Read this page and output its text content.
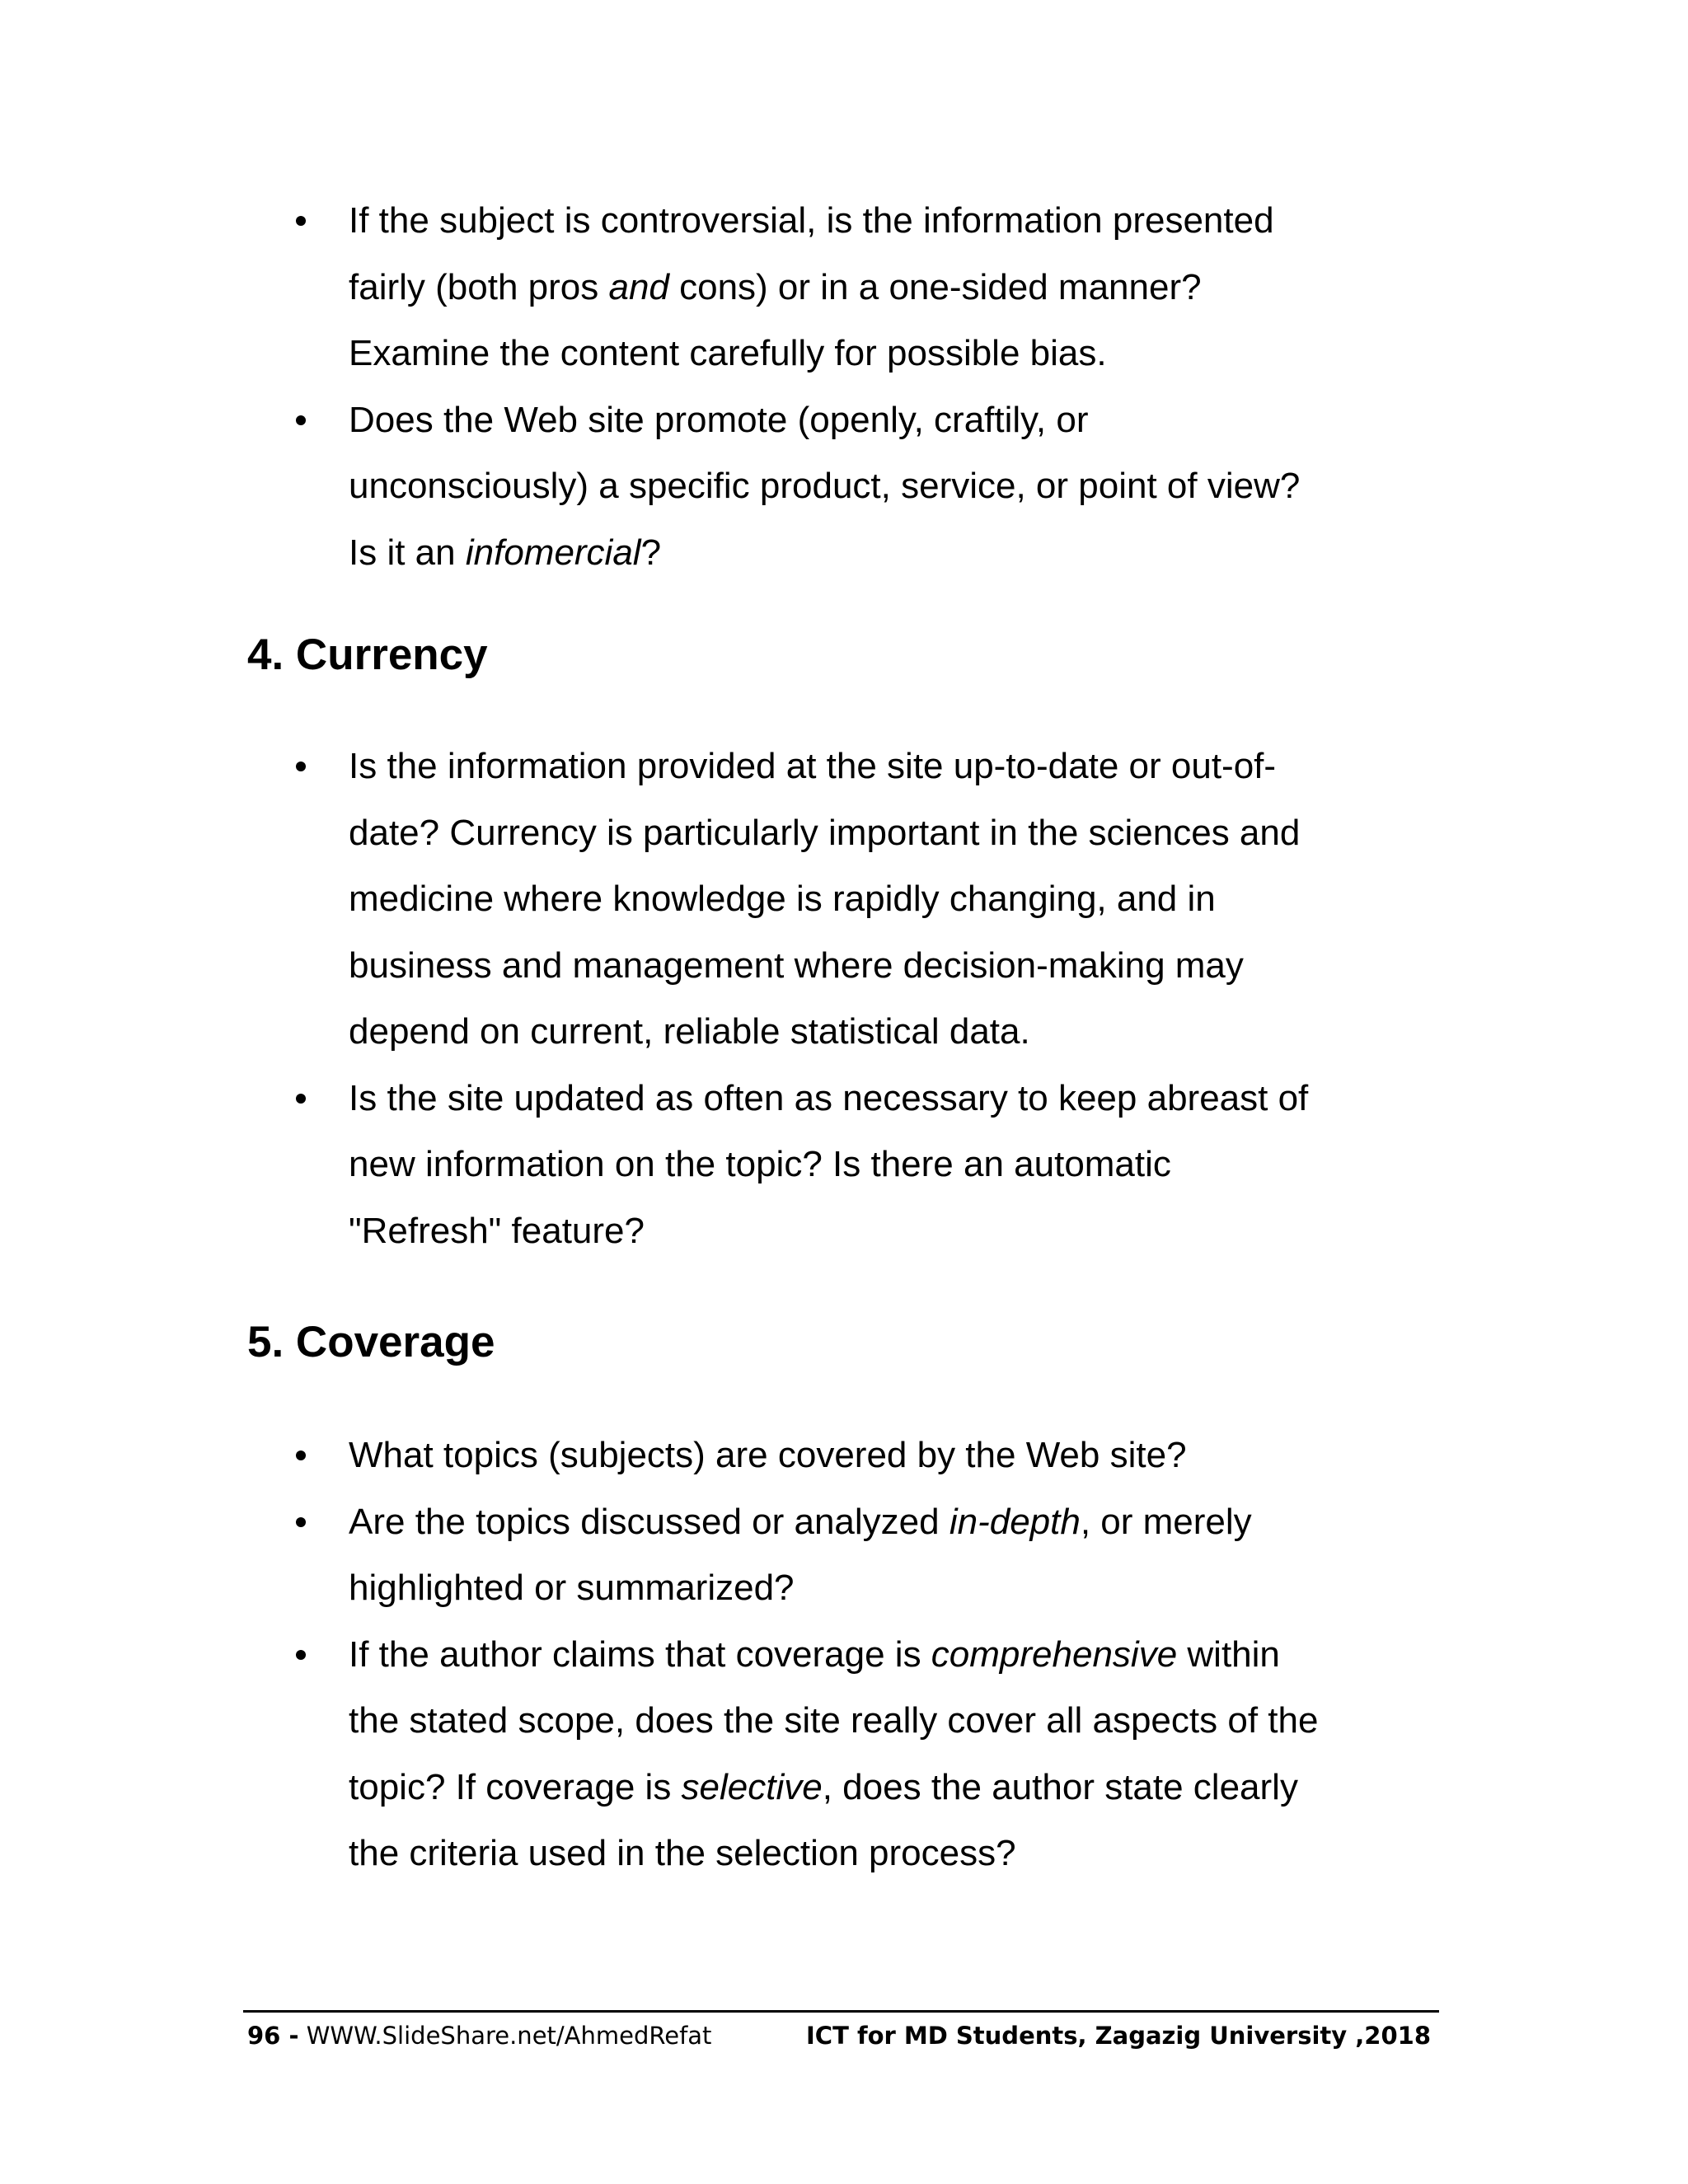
If the subject is controversial, is the information presented
fairly (both pros and cons) or in a one-sided manner?
Examine the content carefully for possible bias.
Does the Web site promote (openly, craftily, or
unconsciously) a specific product, service, or point of view?
Is it an infomercial?
4. Currency
Is the information provided at the site up-to-date or out-of-
date? Currency is particularly important in the sciences and
medicine where knowledge is rapidly changing, and in
business and management where decision-making may
depend on current, reliable statistical data.
Is the site updated as often as necessary to keep abreast of
new information on the topic? Is there an automatic
"Refresh" feature?
5. Coverage
What topics (subjects) are covered by the Web site?
Are the topics discussed or analyzed in-depth, or merely
highlighted or summarized?
If the author claims that coverage is comprehensive within
the stated scope, does the site really cover all aspects of the
topic? If coverage is selective, does the author state clearly
the criteria used in the selection process?
96 - WWW.SlideShare.net/AhmedRefat	ICT for MD Students, Zagazig University ,2018
